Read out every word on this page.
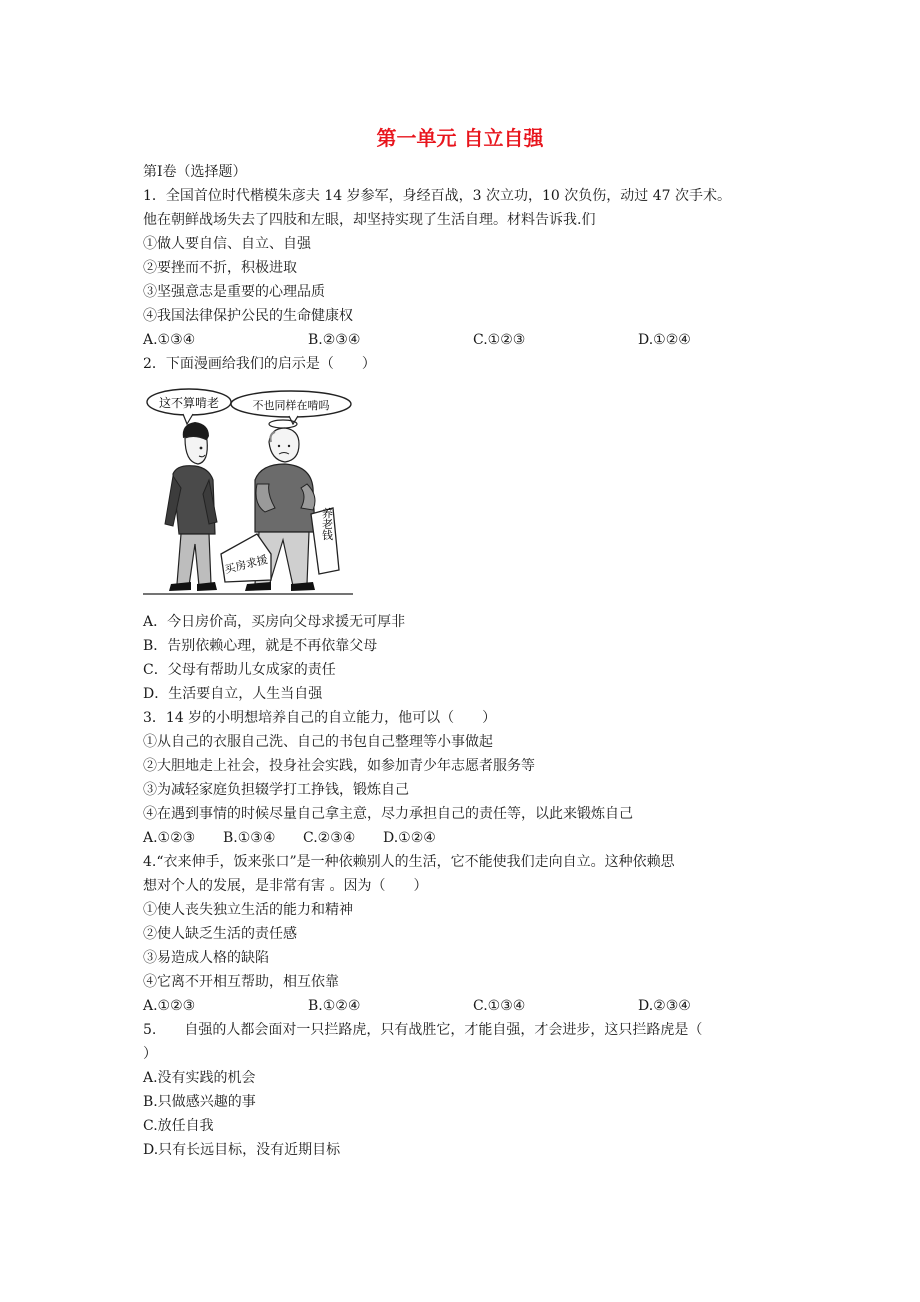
第一单元 自立自强
第Ⅰ卷（选择题）
1．全国首位时代楷模朱彦夫 14 岁参军，身经百战，3 次立功，10 次负伤，动过 47 次手术。
他在朝鲜战场失去了四肢和左眼，却坚持实现了生活自理。材料告诉我.们
①做人要自信、自立、自强
②要挫而不折，积极进取
③坚强意志是重要的心理品质
④我国法律保护公民的生命健康权
A.①③④	B.②③④	C.①②③	D.①②④
2．下面漫画给我们的启示是（　　）
这不算啃老	不也同样在啃吗
买房求援
养老钱
A．今日房价高，买房向父母求援无可厚非
B．告别依赖心理，就是不再依靠父母
C．父母有帮助儿女成家的责任
D．生活要自立，人生当自强
3．14 岁的小明想培养自己的自立能力，他可以（　　）
①从自己的衣服自己洗、自己的书包自己整理等小事做起
②大胆地走上社会，投身社会实践，如参加青少年志愿者服务等
③为减轻家庭负担辍学打工挣钱，锻炼自己
④在遇到事情的时候尽量自己拿主意，尽力承担自己的责任等，以此来锻炼自己
A.①②③	B.①③④	C.②③④	D.①②④
4.“衣来伸手，饭来张口”是一种依赖别人的生活，它不能使我们走向自立。这种依赖思
想对个人的发展，是非常有害 。因为（　　）
①使人丧失独立生活的能力和精神
②使人缺乏生活的责任感
③易造成人格的缺陷
④它离不开相互帮助，相互依靠
A.①②③	B.①②④	C.①③④	D.②③④
5.　　自强的人都会面对一只拦路虎，只有战胜它，才能自强，才会进步，这只拦路虎是（
）
A.没有实践的机会
B.只做感兴趣的事
C.放任自我
D.只有长远目标，没有近期目标
